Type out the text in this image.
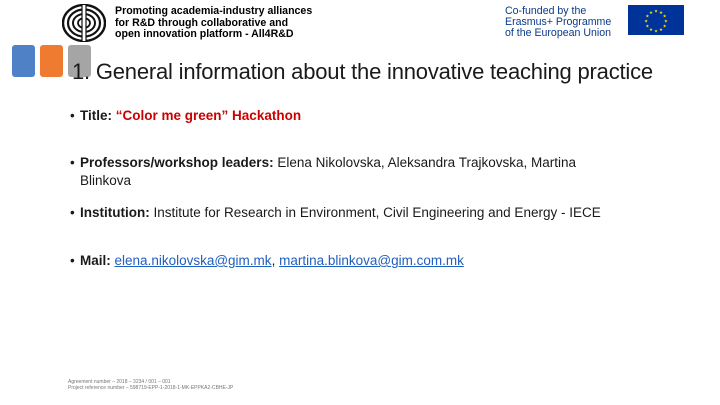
Promoting academia-industry alliances
for R&D through collaborative and
open innovation platform - All4R&D
Co-funded by the
Erasmus+ Programme
of the European Union
★ ★
★
★
★
★
★
★
★
★
★
★
1. General information about the innovative teaching practice
• Title: “Color me green” Hackathon
• Professors/workshop leaders: Elena Nikolovska, Aleksandra Trajkovska, Martina Blinkova
• Institution: Institute for Research in Environment, Civil Engineering and Energy - IECE
• Mail: elena.nikolovska@gim.mk, martina.blinkova@gim.com.mk
Agreement number – 2018 – 3234 / 001 – 001
Project reference number – 598719-EPP-1-2018-1-MK-EPPKA2-CBHE-JP
